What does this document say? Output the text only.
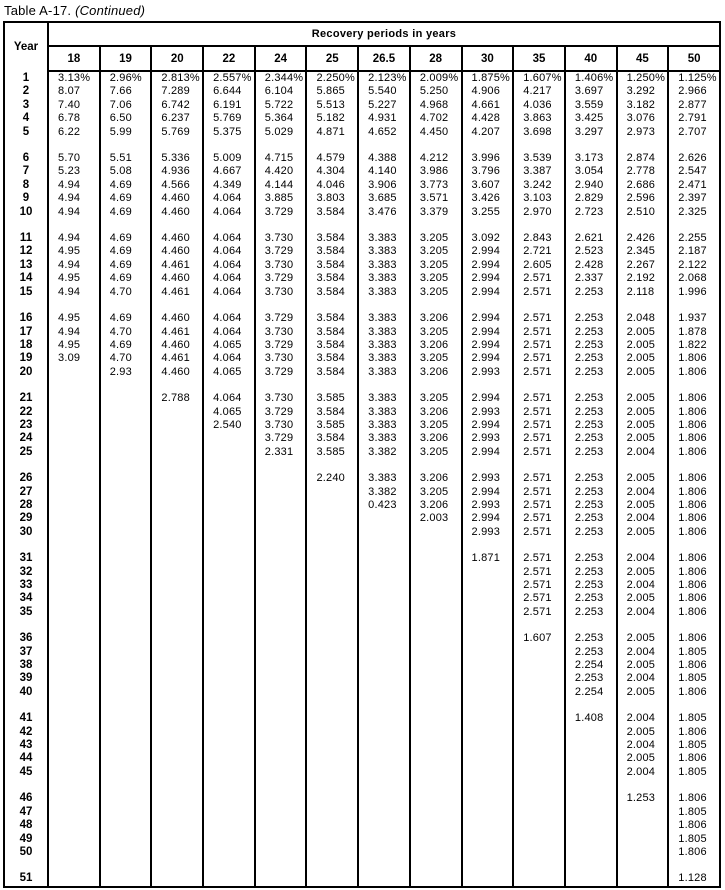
Table A-17. (Continued)
Year	Recovery periods in years												
	18	19	20	22	24	25	26.5	28	30	35	40	45	50
1	3.13%	2.96%	2.813%	2.557%	2.344%	2.250%	2.123%	2.009%	1.875%	1.607%	1.406%	1.250%	1.125%
2	8.07	7.66	7.289	6.644	6.104	5.865	5.540	5.250	4.906	4.217	3.697	3.292	2.966
3	7.40	7.06	6.742	6.191	5.722	5.513	5.227	4.968	4.661	4.036	3.559	3.182	2.877
4	6.78	6.50	6.237	5.769	5.364	5.182	4.931	4.702	4.428	3.863	3.425	3.076	2.791
5	6.22	5.99	5.769	5.375	5.029	4.871	4.652	4.450	4.207	3.698	3.297	2.973	2.707

6	5.70	5.51	5.336	5.009	4.715	4.579	4.388	4.212	3.996	3.539	3.173	2.874	2.626
7	5.23	5.08	4.936	4.667	4.420	4.304	4.140	3.986	3.796	3.387	3.054	2.778	2.547
8	4.94	4.69	4.566	4.349	4.144	4.046	3.906	3.773	3.607	3.242	2.940	2.686	2.471
9	4.94	4.69	4.460	4.064	3.885	3.803	3.685	3.571	3.426	3.103	2.829	2.596	2.397
10	4.94	4.69	4.460	4.064	3.729	3.584	3.476	3.379	3.255	2.970	2.723	2.510	2.325

11	4.94	4.69	4.460	4.064	3.730	3.584	3.383	3.205	3.092	2.843	2.621	2.426	2.255
12	4.95	4.69	4.460	4.064	3.729	3.584	3.383	3.205	2.994	2.721	2.523	2.345	2.187
13	4.94	4.69	4.461	4.064	3.730	3.584	3.383	3.205	2.994	2.605	2.428	2.267	2.122
14	4.95	4.69	4.460	4.064	3.729	3.584	3.383	3.205	2.994	2.571	2.337	2.192	2.068
15	4.94	4.70	4.461	4.064	3.730	3.584	3.383	3.205	2.994	2.571	2.253	2.118	1.996

16	4.95	4.69	4.460	4.064	3.729	3.584	3.383	3.206	2.994	2.571	2.253	2.048	1.937
17	4.94	4.70	4.461	4.064	3.730	3.584	3.383	3.205	2.994	2.571	2.253	2.005	1.878
18	4.95	4.69	4.460	4.065	3.729	3.584	3.383	3.206	2.994	2.571	2.253	2.005	1.822
19	3.09	4.70	4.461	4.064	3.730	3.584	3.383	3.205	2.994	2.571	2.253	2.005	1.806
20		2.93	4.460	4.065	3.729	3.584	3.383	3.206	2.993	2.571	2.253	2.005	1.806

21			2.788	4.064	3.730	3.585	3.383	3.205	2.994	2.571	2.253	2.005	1.806
22				4.065	3.729	3.584	3.383	3.206	2.993	2.571	2.253	2.005	1.806
23				2.540	3.730	3.585	3.383	3.205	2.994	2.571	2.253	2.005	1.806
24					3.729	3.584	3.383	3.206	2.993	2.571	2.253	2.005	1.806
25					2.331	3.585	3.382	3.205	2.994	2.571	2.253	2.004	1.806

26						2.240	3.383	3.206	2.993	2.571	2.253	2.005	1.806
27							3.382	3.205	2.994	2.571	2.253	2.004	1.806
28							0.423	3.206	2.993	2.571	2.253	2.005	1.806
29								2.003	2.994	2.571	2.253	2.004	1.806
30									2.993	2.571	2.253	2.005	1.806

31									1.871	2.571	2.253	2.004	1.806
32										2.571	2.253	2.005	1.806
33										2.571	2.253	2.004	1.806
34										2.571	2.253	2.005	1.806
35										2.571	2.253	2.004	1.806

36										1.607	2.253	2.005	1.806
37											2.253	2.004	1.805
38											2.254	2.005	1.806
39											2.253	2.004	1.805
40											2.254	2.005	1.806

41											1.408	2.004	1.805
42												2.005	1.806
43												2.004	1.805
44												2.005	1.806
45												2.004	1.805

46												1.253	1.806
47													1.805
48													1.806
49													1.805
50													1.806

51													1.128
